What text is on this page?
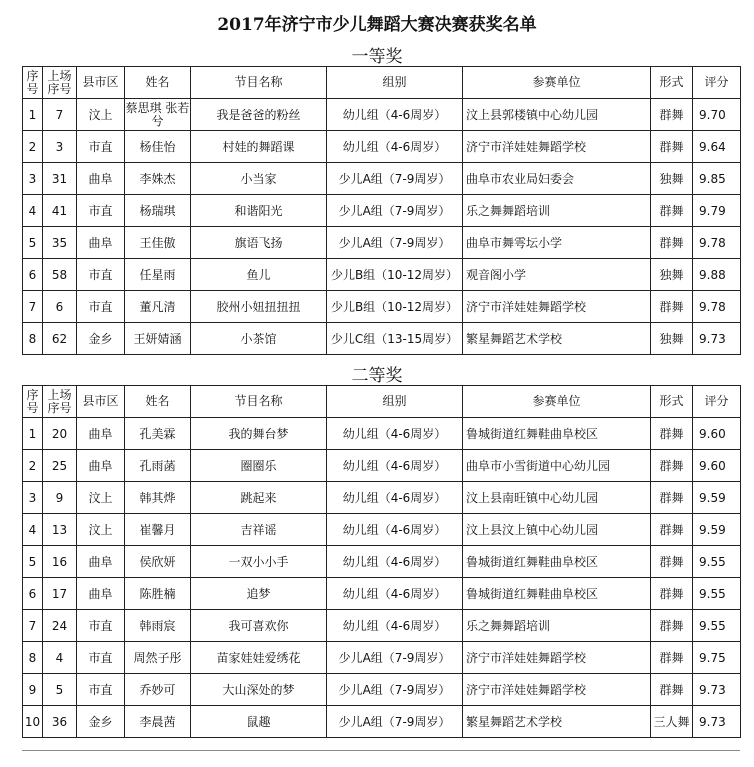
2017年济宁市少儿舞蹈大赛决赛获奖名单
一等奖
序号	上场序号	县市区	姓名	节目名称	组别	参赛单位	形式	评分
1	7	汶上	蔡思琪 张若兮	我是爸爸的粉丝	幼儿组（4-6周岁）	汶上县郭楼镇中心幼儿园	群舞	9.70
2	3	市直	杨佳怡	村娃的舞蹈课	幼儿组（4-6周岁）	济宁市洋娃娃舞蹈学校	群舞	9.64
3	31	曲阜	李姝杰	小当家	少儿A组（7-9周岁）	曲阜市农业局妇委会	独舞	9.85
4	41	市直	杨瑞琪	和谐阳光	少儿A组（7-9周岁）	乐之舞舞蹈培训	群舞	9.79
5	35	曲阜	王佳傲	旗语飞扬	少儿A组（7-9周岁）	曲阜市舞雩坛小学	群舞	9.78
6	58	市直	任星雨	鱼儿	少儿B组（10-12周岁）	观音阁小学	独舞	9.88
7	6	市直	董凡清	胶州小妞扭扭扭	少儿B组（10-12周岁）	济宁市洋娃娃舞蹈学校	群舞	9.78
8	62	金乡	王妍婧涵	小茶馆	少儿C组（13-15周岁）	繁星舞蹈艺术学校	独舞	9.73
二等奖
序号	上场序号	县市区	姓名	节目名称	组别	参赛单位	形式	评分
1	20	曲阜	孔美霖	我的舞台梦	幼儿组（4-6周岁）	鲁城街道红舞鞋曲阜校区	群舞	9.60
2	25	曲阜	孔雨菡	圈圈乐	幼儿组（4-6周岁）	曲阜市小雪街道中心幼儿园	群舞	9.60
3	9	汶上	韩其烨	跳起来	幼儿组（4-6周岁）	汶上县南旺镇中心幼儿园	群舞	9.59
4	13	汶上	崔馨月	吉祥谣	幼儿组（4-6周岁）	汶上县汶上镇中心幼儿园	群舞	9.59
5	16	曲阜	侯欣妍	一双小小手	幼儿组（4-6周岁）	鲁城街道红舞鞋曲阜校区	群舞	9.55
6	17	曲阜	陈胜楠	追梦	幼儿组（4-6周岁）	鲁城街道红舞鞋曲阜校区	群舞	9.55
7	24	市直	韩雨宸	我可喜欢你	幼儿组（4-6周岁）	乐之舞舞蹈培训	群舞	9.55
8	4	市直	周然子彤	苗家娃娃爱绣花	少儿A组（7-9周岁）	济宁市洋娃娃舞蹈学校	群舞	9.75
9	5	市直	乔妙可	大山深处的梦	少儿A组（7-9周岁）	济宁市洋娃娃舞蹈学校	群舞	9.73
10	36	金乡	李晨茜	鼠趣	少儿A组（7-9周岁）	繁星舞蹈艺术学校	三人舞	9.73
